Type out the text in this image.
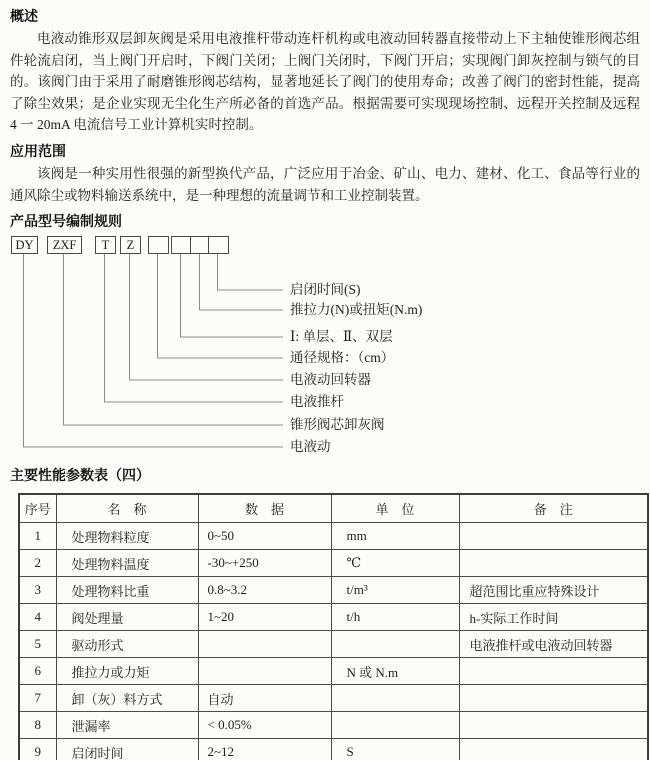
概述

电液动锥形双层卸灰阀是采用电液推杆带动连杆机构或电液动回转器直接带动上下主轴使锥形阀芯组件轮流启闭，当上阀门开启时，下阀门关闭；上阀门关闭时，下阀门开启；实现阀门卸灰控制与锁气的目的。该阀门由于采用了耐磨锥形阀芯结构，显著地延长了阀门的使用寿命；改善了阀门的密封性能，提高了除尘效果；是企业实现无尘化生产所必备的首选产品。根据需要可实现现场控制、远程开关控制及远程 4 一 20mA 电流信号工业计算机实时控制。

应用范围

该阀是一种实用性很强的新型换代产品，广泛应用于冶金、矿山、电力、建材、化工、食品等行业的通风除尘或物料输送系统中，是一种理想的流量调节和工业控制装置。

产品型号编制规则
DY	ZXF	T	Z
启闭时间(S)
推拉力(N)或扭矩(N.m)
Ⅰ: 单层、Ⅱ、双层
通径规格：（cm）
电液动回转器
电液推杆
锥形阀芯卸灰阀
电液动
主要性能参数表（四）
序号	名　称	数　据	单　位	备　注
1	处理物料粒度	0~50	mm	
2	处理物料温度	-30~+250	℃	
3	处理物料比重	0.8~3.2	t/m³	超范围比重应特殊设计
4	阀处理量	1~20	t/h	h-实际工作时间
5	驱动形式			电液推杆或电液动回转器
6	推拉力或力矩		N 或 N.m	
7	卸（灰）料方式	自动		
8	泄漏率	< 0.05%		
9	启闭时间	2~12	S	
